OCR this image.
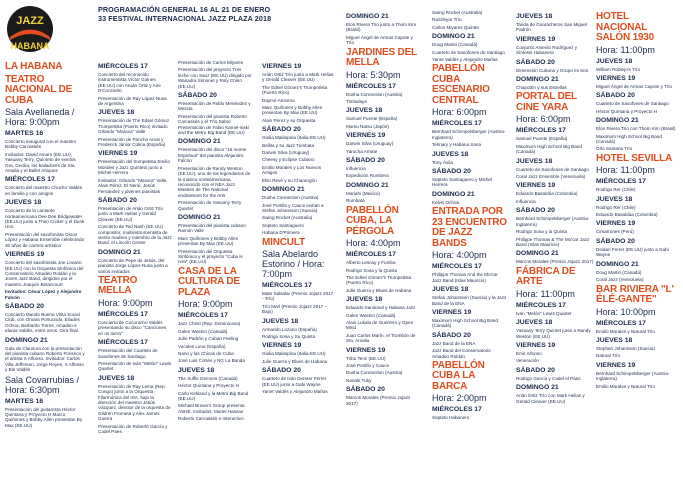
JAZZ
HABANA
PROGRAMACIÓN GENERAL 16 AL 21 DE ENERO
33 FESTIVAL INTERNACIONAL JAZZ PLAZA 2018
LA HABANA
TEATRO NACIONAL DE CUBA
Sala Avellaneda / Hora: 9:00pm
MARTES 16
Concierto inaugural con el maestro Bobby Carcassés
Invitados: David Amaro (EE.UU), Yasuany Terry, Quinteto de vientos Gra, Cecilia, los bailadores de Sta. Amalia y el Ballet Ahiquez
MIÉRCOLES 17
Concierto del maestro Chucho Valdés en familia y con amigos
JUEVES 18
Concierto de la cantante norteamericana Dee Dee Bridgewater (EE.UU) junto a Theo Croker y el Dunk Uno
Presentación del saxofonista Oscar López y Habana Ensemble celebrando 30 años de carrera artística
VIERNES 19
Concierto del saxofonista Joe Lovano (EE.UU) con la Orquesta Sinfónica del Conservatorio Amadeo Roldán y la Joven Jazz Band, dirigidos por el maestro Joaquín Betancourt
Invitados: César López y Alejandro Falcón
SÁBADO 20
Concierto Mundo Buena Vista Social Club, con Omara Portuondo, Eliades Ochoa, Barbarito Torres, Amadito e Idania Valdés, entre otros. Gira final
DOMINGO 21
Gala de Clausura con la presentación del pianista cubano Roberto Fonseca y el artista X Alfonso. Invitados: Carlos Villa Jefferson, Jorge Reyes, X Alfonso y Ele Valdés
Sala Covarrubias / Hora: 6:30pm
MARTES 16
Presentación del guitarrista Héctor Quintana y Proyecto H Marco Quiñones y Bobby Allen presentan By Max (EE.UU)
MIÉRCOLES 17
Concierto del reconocido instrumentista Víctor Goines (EE.UU) con Aruán Ortiz y Aire D'Concierto
Presentación de Ray López-Nusa de Argentina
JUEVES 18
Presentación de The Edsel Gómez Trumpetista (Puerto Rico) invitado Orlando "Maraca" Valle
Presentación de Pancho Amat y Frederick Júnior Colina (España)
VIERNES 19
Presentación del trompetista Emilio Morales y Jazz Quinteto junto a Michel Herrera
Invitados: Orlando "Maraca" Valle, Alain Pérez, El Nené, Jesús Fernández y jóvenes pianistas
SÁBADO 20
Presentación de Arián Ortiz Trío junto a Mark Helias y Gerald Cleaver (EE.UU)
Concierto de Ted Nash (EE.UU) compositor, multiinstrumentista de viento madera y miembro de la Jazz Band, el Lincoln Center
DOMINGO 21
Concierto de Pepe de Jesús, del pianista Jorge López-Nusa junto a varios invitados
TEATRO MELLA
Hora: 9:00pm
MIÉRCOLES 17
Concierto de Cucurucho Valdés presentando su disco "Canciones en mi tierra"
MIÉRCOLES 17
Presentación del Cuarteto de Saxofones de Santiago
Presentación de Iván "Melón" Lewis Quartet
JUEVES 18
Presentación de Ray Lema (Rep. Congo) junto a la Orquesta Filarmónica del ISA, bajo la dirección del maestro Jesús Vázquez, director de la orquesta de Gildren Frometa y Alex James Guerra
Presentación de Roberto García y Cadel Paes
Presentación de Carlos Miyares
Presentación del proyecto Tres leche con Sauz (EE.UU) dirigido por Wanadra Simonet y Roly Chino (EE.UU)
SÁBADO 20
Presentación de Pablo Menéndez y Mezcla
Presentación del pianista Roberto Carcassés y el Trío Sabor Presentación de Fabio Kamel-niski and the Metro Big Band (EE.UU)
DOMINGO 21
Presentación del disco "16 monte Espiritual" del pianista Alejandro Falcón
Presentación de Randy Weston (EE.UU), uno de los legendarios de la música norteamericana reconocido con el NEA Jazz Masters de The National endowment for the Arts
Presentación de Yasuany Terry Quartet
DOMINGO 21
Presentación del pianista cubano Ramón Valle
Marc Quiñones y Bobby Allen presentan By Max (EE.UU)
Presentación del Orquesta Sinfónica y el proyecto "Cuba is now" (EE.UU)
CASA DE LA CULTURA DE PLAZA
Hora: 9:00pm
MIÉRCOLES 17
Jazz Christ (Rep. Dominicana)
Galen Weston (Canadá)
Julio Padrón y Cuban Feeling
Vocales Luna (España)
Nano y las Chicas de Cuba
José Luis Cortés y NG La Banda
JUEVES 18
The Suffle Demons (Canadá)
Héctor Quintana y Proyecto H
Carlo Kirkland y la Metro Big Band (EE.UU)
Michael Brown's Group presenta ASHÉ. Invitados: Muriel Hassan
Roberto Carcassés e Interactivo
VIERNES 19
Arián Ortiz Trío junto a Mark Helias y Gerald Cleaver (EE.UU)
The Edsel Gómez's Trumpetista (Puerto Rico)
Daymé Arocena
Marc Quiñones y Bobby Allen presentan By Max (EE.UU)
Alain Pérez y su Orquesta
SÁBADO 20
Giulia Malaspina (Italia-EE.UU)
Bellita y su Jazz Tumbata
Darwin Silva (Uruguay)
Cheesy y Eclipse Cubano
Emilio Morales y Los Nuevos Amigos
Elito Revé y su Charangón
DOMINGO 21
Dusha Connection (Austria)
José Portillo y Cauce invitan a Stefan Johansson (Suecia)
Swing Rocket (Australia)
Septeto Santiaguero
Habana D'Primera
MINCULT
Sala Abelardo Estorino / Hora: 7:00pm
MIÉRCOLES 17
Mate Salsalar (Premio Jojazz 2017 - Trío)
Trío Marl (Premio Jojazz 2017 - Bajo)
JUEVES 18
Armando Lozano (España)
Rodrigo Sosa y Su Quinta
VIERNES 19
Giulia Malaspina (Italia-EE.UU)
Julie Guerra y Blues de Habana
SÁBADO 20
Cuarteto de Iván Dereter Ferrer (EE.UU) junto a Gabi Wayne
Yanet Valdés y Alejandro Mañas
DOMINGO 21
Elon Rivera Trío junto a Thom Kim (Brasil)
Miguel Ángel de Armas Capote y Trío
JARDINES DEL MELLA
Hora: 5:30pm
MIÉRCOLES 17
Dusha Connection (Austria)
Timbalaye
JUEVES 18
Samuel Puente (España)
Mamu Natsu (Japón)
VIERNES 19
Darwin Silva (Uruguay)
Yarucha Arriate
SÁBADO 20
Influencia
Expedición Rumbera
DOMINGO 21
Mariahi (Mexico)
Rumbatá
PABELLÓN CUBA, LA PÉRGOLA
Hora: 4:00pm
MIÉRCOLES 17
Alberto Lescay y Fumba
Rodrigo Sosa y la Quinta
The Edsel Gómez's Trumpetista (Puerto Rico)
Julie Guerra y Blues de Habana
JUEVES 18
Eduardo Sandoval y Habana Jazz
Galen Weston (Canadá)
Alain Lukala de Guerrero y Open Mind
Juan Carlos Marín, el Trombón de Sta. Amalia
VIERNES 19
Tribu Tenz (EE.UU)
José Portillo y Cauce
Dusha Connection (Austria)
Nanaki Tuby
SÁBADO 20
Marcos Morales (Premio Jojazz 2017)
Swing Rocket (Australia)
Razzleyar Trío
Carlos Miyares Quintet
DOMINGO 21
Doug Martin (Canadá)
Cuarteto de Saxofones de Santiago
Yanet Valdés y Alejandro Mañas
PABELLÓN CUBA ESCENARIO CENTRAL
Hora: 6:00pm
MIÉRCOLES 17
Bernhard Schimpelsberger (Austria-Inglaterra)
Telmary y Habana Sana
JUEVES 18
Tony Ávila
SÁBADO 20
Septeto Santiaguero y Michel Herrera
DOMINGO 21
Kelvis Ochoa
ENTRADA POR 23 ENCUENTRO DE JAZZ BANDS
Hora: 4:00pm
MIÉRCOLES 17
Philippe Thomas And the Mo'car Jazz Band (Islas Mauricio)
JUEVES 18
Stefan Johansson (Suecia) y la Jazz Band de la ENA
VIERNES 19
Maximum High School Big Band (Canadá)
SÁBADO 20
Jazz Band de la ENA
Jazz Band del Conservatorio Amadeo Roldán
PABELLÓN CUBA LA BARCA
Hora: 2:00pm
MIÉRCOLES 17
Septeto Habanero
JUEVES 18
Tanda de Guaracheros San Miguel Padrón
VIERNES 19
Conjunto Arsenio Rodríguez y Síntesis Habanera
SÁBADO 20
Dimensión Cubana y Grupo mi Son
DOMINGO 21
Chapottín y sus Estrellas
PORTAL DEL CINE YARA
Hora: 6:00pm
MIÉRCOLES 17
Samuel Puente (España)
Maximum High School Big Band (Canadá)
JUEVES 18
Cuarteto de Saxofones de Santiago
Coral Jazz Ensemble (Venezuela)
VIERNES 19
Eduardo Basaldúa (Colombia)
Influencia
SÁBADO 20
Bernhard Schimpelsberger (Austria-Inglaterra)
Rodrigo Sosa y la Quinta
Philippe Thomas & The Mo'car Jazz Band (Islas Mauricio)
DOMINGO 21
Marcos Morales (Premio Jojazz 2017)
FÁBRICA DE ARTE
Hora: 11:00pm
MIÉRCOLES 17
Iván "Melón" Lewis Quartet
JUEVES 18
Yasuany Terry Quintet junto a Randy Weston (EE.UU)
VIERNES 19
Emir Alfonso
Veneración
SÁBADO 20
Rodrigo García y Cadel el Paso
DOMINGO 21
Arián Ortiz Trío con Mark Helias y Gerald Cleaver (EE.UU)
HOTEL NACIONAL SALÓN 1930
Hora: 11:00pm
JUEVES 18
William Roblejo's Trío
VIERNES 19
Miguel Ángel de Armas Capote y Trío
SÁBADO 20
Cuarteto de Saxofones de Santiago
Héctor Quintana y Proyecto H
DOMINGO 21
Elon Rivera Trío con Thom Kim (Brasil)
Maximum High School Big Band (Canadá)
Orlo Santana Trío
HOTEL SEVILLA
Hora: 11:00pm
MIÉRCOLES 17
Rodrigo Rer (Chile)
JUEVES 18
Rodrigo Rer (Chile)
Eduardo Basaldúa (Colombia)
VIERNES 19
Cimarrones (Perú)
SÁBADO 20
Deidan Ferrer (EE.UU) junto a Gabi Wayne
DOMINGO 21
Doug Martin (Canadá)
Coral Jazz (Venezuela)
BAR RIVIERA "L' ÉLÉ-GANTE"
Hora: 10:00pm
MIÉRCOLES 17
Emilio Morales y Natural Trío
JUEVES 18
Stephen Johansson (Suecia)
Natural Trío
VIERNES 19
Bernhard Schimpelsberger (Austria-Inglaterra)
Emilio Morales y Natural Trío
